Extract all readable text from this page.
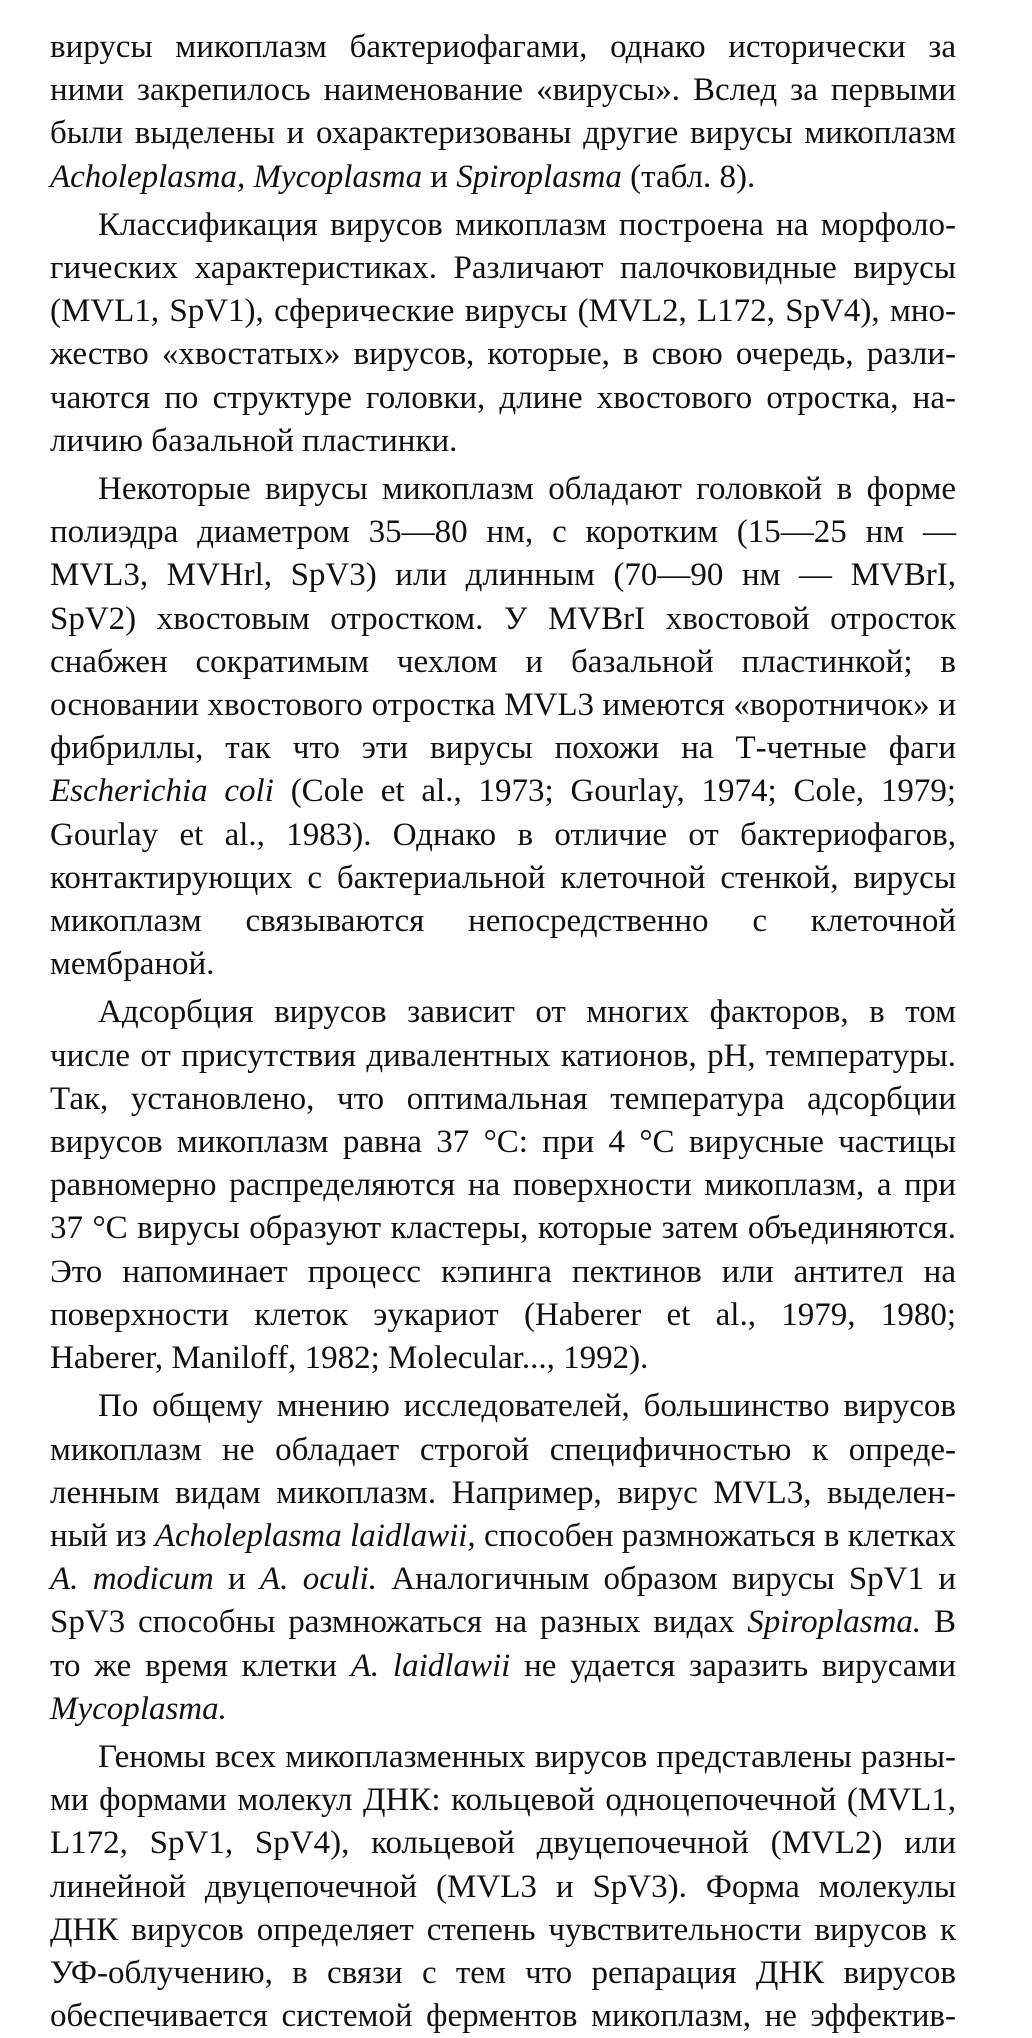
вирусы микоплазм бактериофагами, однако исторически за ними закрепилось наименование «вирусы». Вслед за первыми были выделены и охарактеризованы другие вирусы микоплазм Acholeplasma, Mycoplasma и Spiroplasma (табл. 8).

Классификация вирусов микоплазм построена на морфологических характеристиках. Различают палочковидные вирусы (MVL1, SpV1), сферические вирусы (MVL2, L172, SpV4), множество «хвостатых» вирусов, которые, в свою очередь, различаются по структуре головки, длине хвостового отростка, наличию базальной пластинки.

Некоторые вирусы микоплазм обладают головкой в форме полиэдра диаметром 35—80 нм, с коротким (15—25 нм — MVL3, MVHrl, SpV3) или длинным (70—90 нм — MVBrI, SpV2) хвостовым отростком. У MVBrI хвостовой отросток снабжен сократимым чехлом и базальной пластинкой; в основании хвостового отростка MVL3 имеются «воротничок» и фибриллы, так что эти вирусы похожи на Т-четные фаги Escherichia coli (Cole et al., 1973; Gourlay, 1974; Cole, 1979; Gourlay et al., 1983). Однако в отличие от бактериофагов, контактирующих с бактериальной клеточной стенкой, вирусы микоплазм связываются непосредственно с клеточной мембраной.

Адсорбция вирусов зависит от многих факторов, в том числе от присутствия дивалентных катионов, pH, температуры. Так, установлено, что оптимальная температура адсорбции вирусов микоплазм равна 37 °С: при 4 °С вирусные частицы равномерно распределяются на поверхности микоплазм, а при 37 °С вирусы образуют кластеры, которые затем объединяются. Это напоминает процесс кэпинга пектинов или антител на поверхности клеток эукариот (Haberer et al., 1979, 1980; Haberer, Maniloff, 1982; Molecular..., 1992).

По общему мнению исследователей, большинство вирусов микоплазм не обладает строгой специфичностью к определенным видам микоплазм. Например, вирус MVL3, выделенный из Acholeplasma laidlawii, способен размножаться в клетках A. modicum и A. oculi. Аналогичным образом вирусы SpV1 и SpV3 способны размножаться на разных видах Spiroplasma. В то же время клетки A. laidlawii не удается заразить вирусами Mycoplasma.

Геномы всех микоплазменных вирусов представлены разными формами молекул ДНК: кольцевой одноцепочечной (MVL1, L172, SpV1, SpV4), кольцевой двуцепочечной (MVL2) или линейной двуцепочечной (MVL3 и SpV3). Форма молекулы ДНК вирусов определяет степень чувствительности вирусов к УФ-облучению, в связи с тем что репарация ДНК вирусов обеспечивается системой ферментов микоплазм, не эффектив-
